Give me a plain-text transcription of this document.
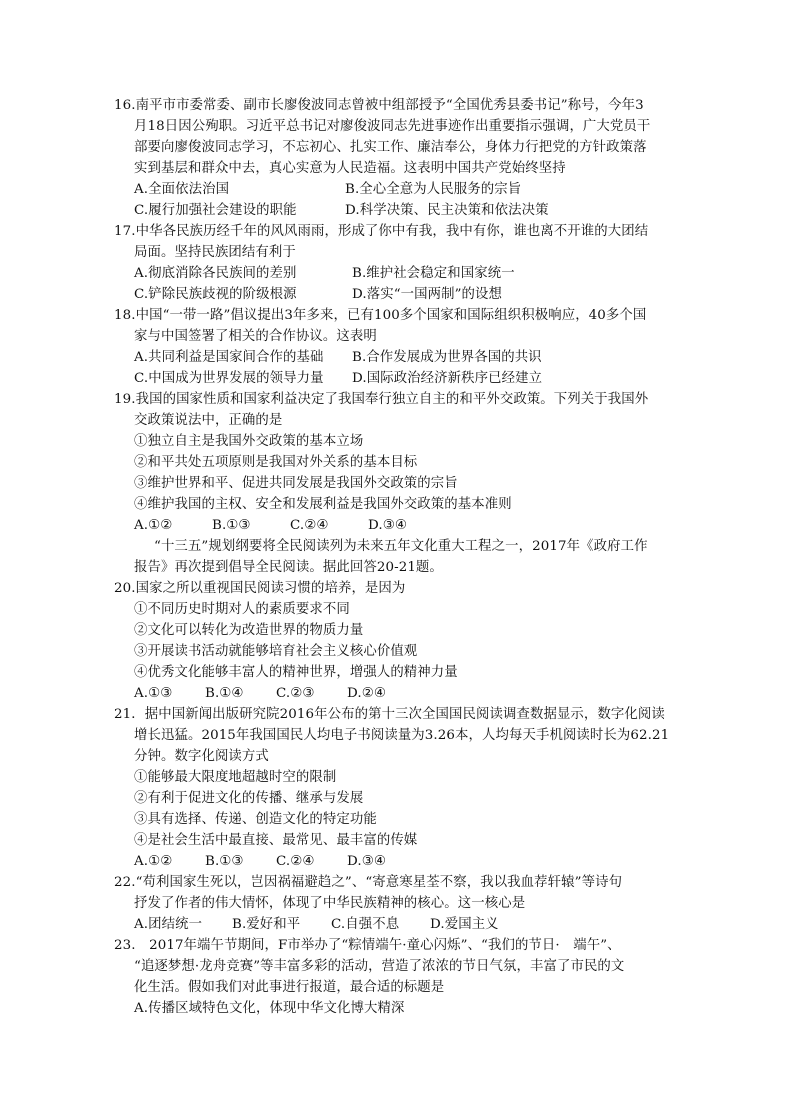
16.南平市市委常委、副市长廖俊波同志曾被中组部授予“全国优秀县委书记”称号，今年3
月18日因公殉职。习近平总书记对廖俊波同志先进事迹作出重要指示强调，广大党员干
部要向廖俊波同志学习，不忘初心、扎实工作、廉洁奉公，身体力行把党的方针政策落
实到基层和群众中去，真心实意为人民造福。这表明中国共产党始终坚持
A.全面依法治国	B.全心全意为人民服务的宗旨
C.履行加强社会建设的职能	D.科学决策、民主决策和依法决策
17.中华各民族历经千年的风风雨雨，形成了你中有我，我中有你，谁也离不开谁的大团结
局面。坚持民族团结有利于
A.彻底消除各民族间的差别	B.维护社会稳定和国家统一
C.铲除民族歧视的阶级根源	D.落实“一国两制”的设想
18.中国“一带一路”倡议提出3年多来，已有100多个国家和国际组织积极响应，40多个国
家与中国签署了相关的合作协议。这表明
A.共同利益是国家间合作的基础 B.合作发展成为世界各国的共识
C.中国成为世界发展的领导力量 D.国际政治经济新秩序已经建立
19.我国的国家性质和国家利益决定了我国奉行独立自主的和平外交政策。下列关于我国外
交政策说法中，正确的是
①独立自主是我国外交政策的基本立场
②和平共处五项原则是我国对外关系的基本目标
③维护世界和平、促进共同发展是我国外交政策的宗旨
④维护我国的主权、安全和发展利益是我国外交政策的基本准则
A.①②	B.①③	C.②④	D.③④
“十三五”规划纲要将全民阅读列为未来五年文化重大工程之一，2017年《政府工作
报告》再次提到倡导全民阅读。据此回答20-21题。
20.国家之所以重视国民阅读习惯的培养，是因为
①不同历史时期对人的素质要求不同
②文化可以转化为改造世界的物质力量
③开展读书活动就能够培育社会主义核心价值观
④优秀文化能够丰富人的精神世界，增强人的精神力量
A.①③ B.①④ C.②③ D.②④
21．据中国新闻出版研究院2016年公布的第十三次全国国民阅读调查数据显示，数字化阅读
增长迅猛。2015年我国国民人均电子书阅读量为3.26本，人均每天手机阅读时长为62.21
分钟。数字化阅读方式
①能够最大限度地超越时空的限制
②有利于促进文化的传播、继承与发展
③具有选择、传递、创造文化的特定功能
④是社会生活中最直接、最常见、最丰富的传媒
A.①② B.①③ C.②④ D.③④
22.“苟利国家生死以，岂因祸福避趋之”、“寄意寒星荃不察，我以我血荐轩辕”等诗句
抒发了作者的伟大情怀，体现了中华民族精神的核心。这一核心是
A.团结统一 B.爱好和平 C.自强不息 D.爱国主义
23.　2017年端午节期间，F市举办了“粽情端午·童心闪烁”、“我们的节日·　端午”、
“追逐梦想·龙舟竞赛”等丰富多彩的活动，营造了浓浓的节日气氛，丰富了市民的文
化生活。假如我们对此事进行报道，最合适的标题是
A.传播区域特色文化，体现中华文化博大精深
